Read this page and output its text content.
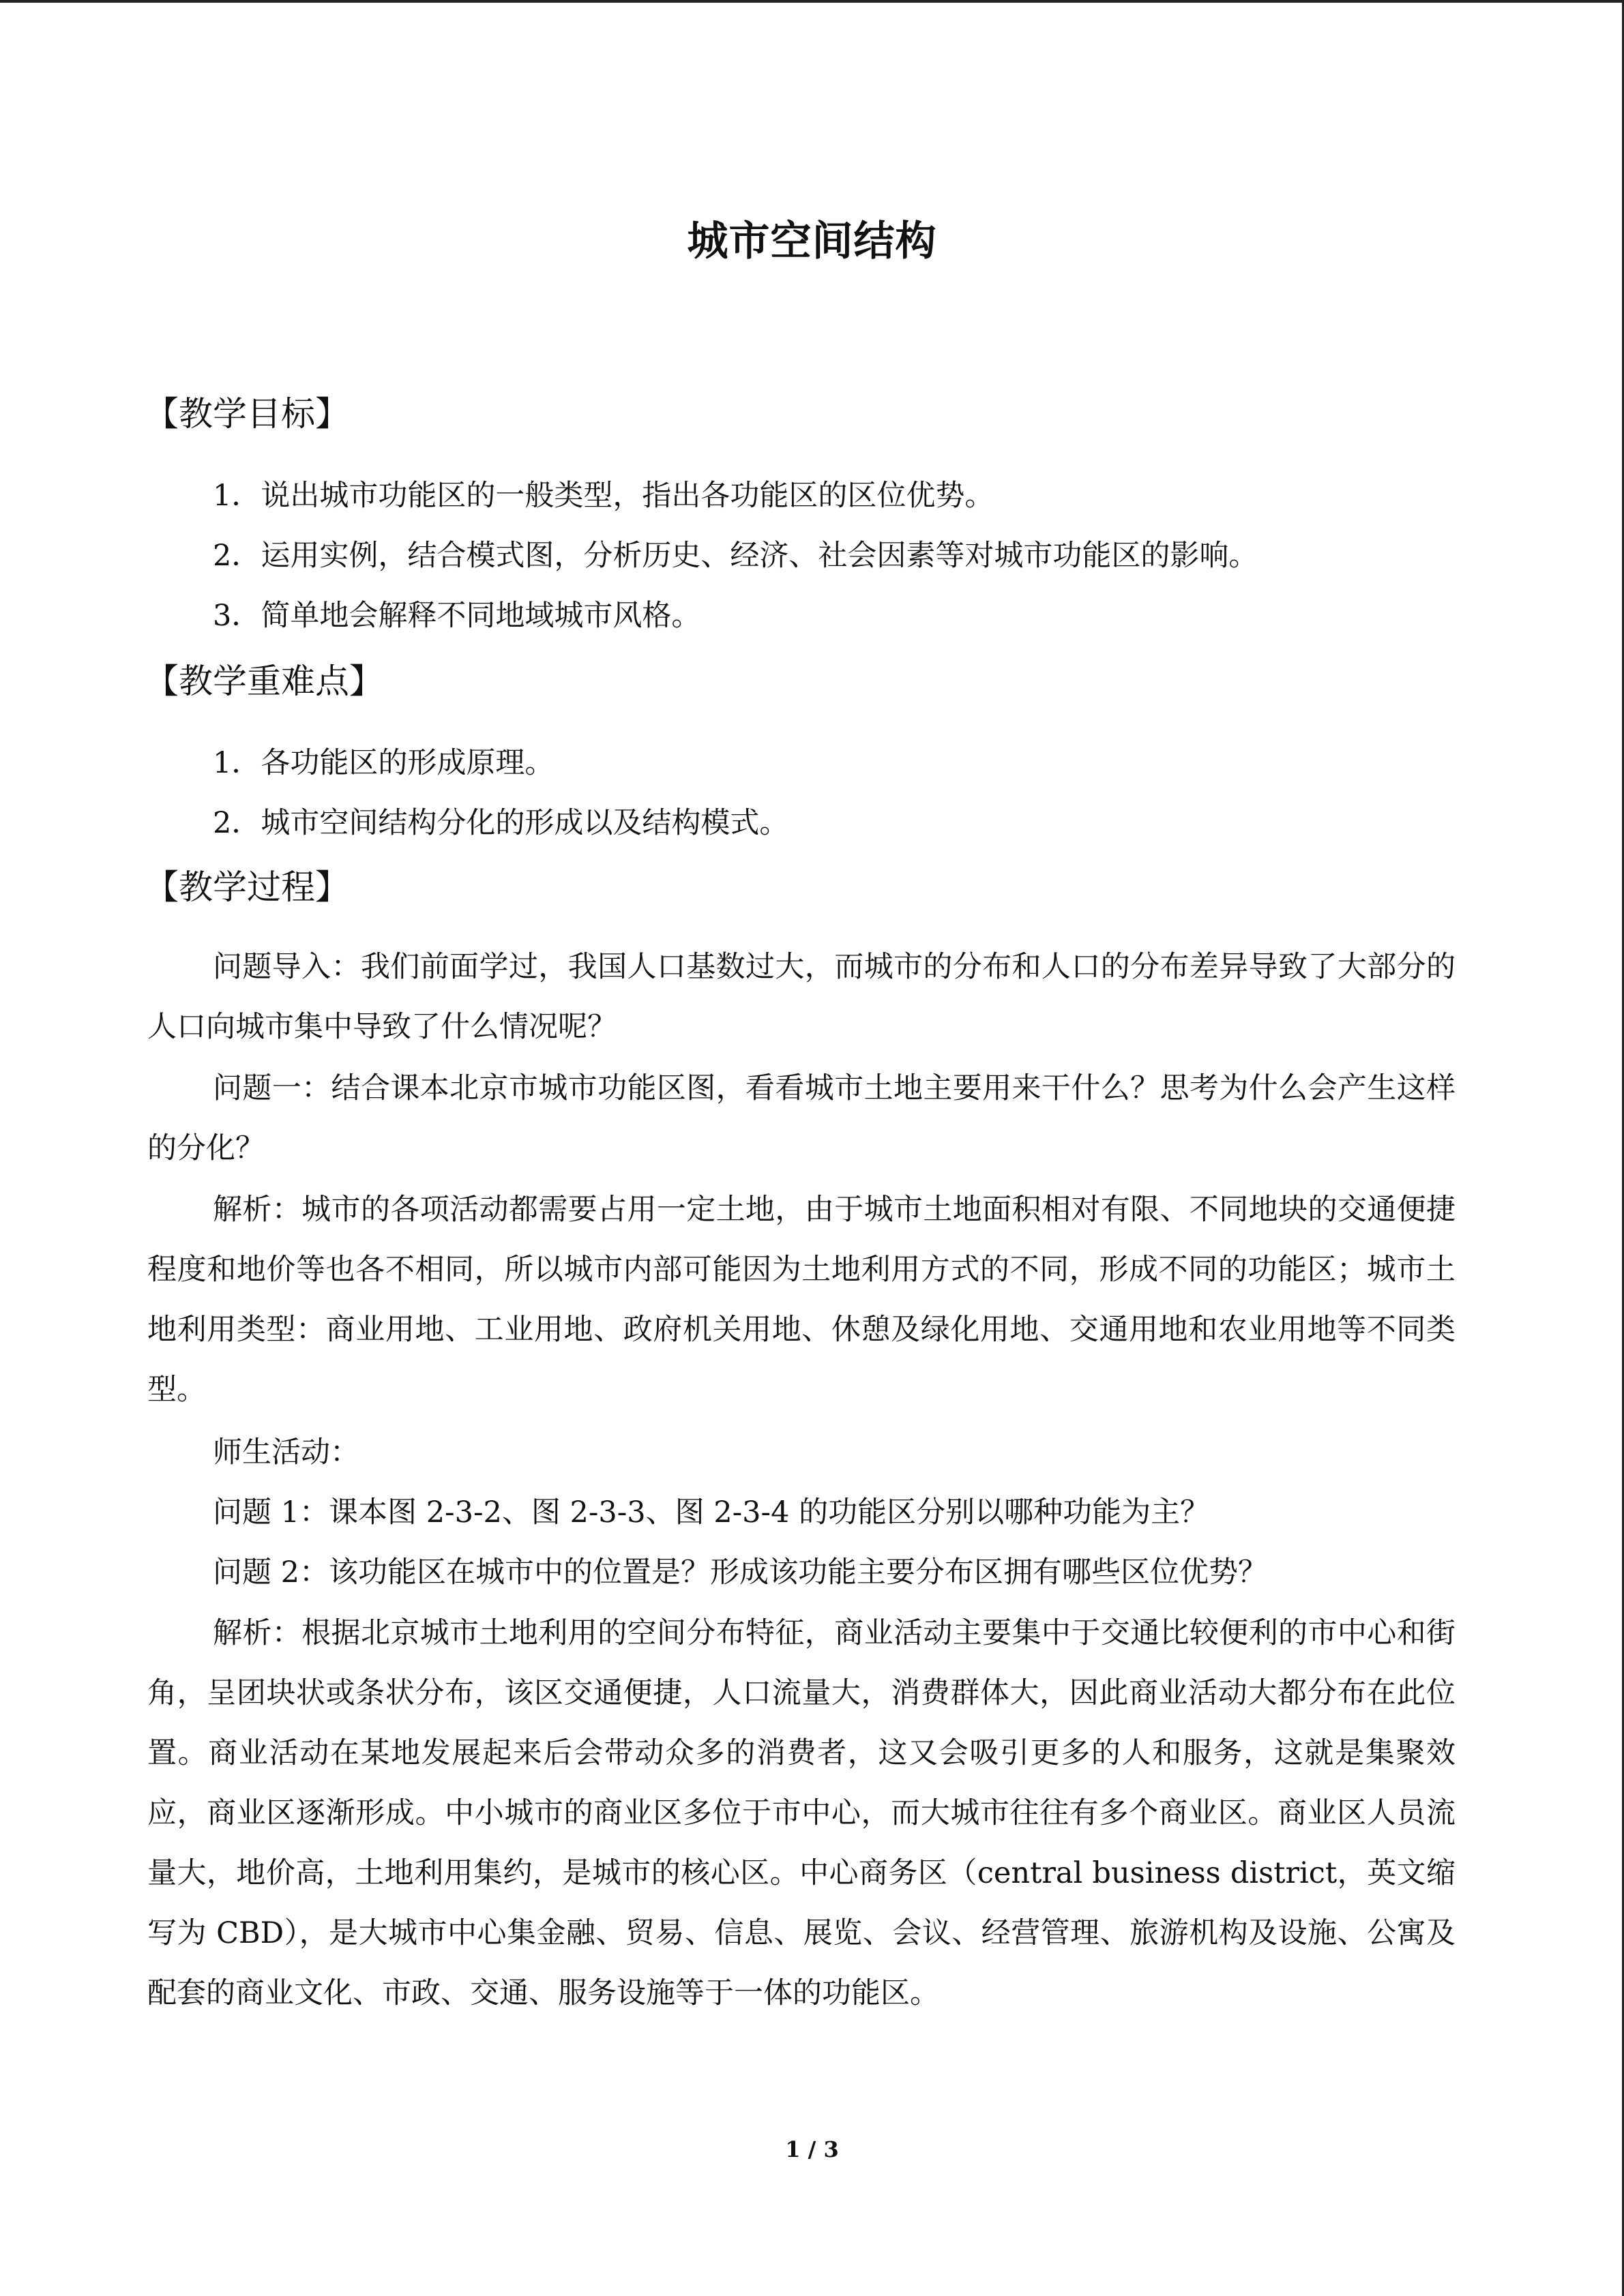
城市空间结构
【教学目标】
1．说出城市功能区的一般类型，指出各功能区的区位优势。
2．运用实例，结合模式图，分析历史、经济、社会因素等对城市功能区的影响。
3．简单地会解释不同地域城市风格。
【教学重难点】
1．各功能区的形成原理。
2．城市空间结构分化的形成以及结构模式。
【教学过程】
问题导入：我们前面学过，我国人口基数过大，而城市的分布和人口的分布差异导致了大部分的人口向城市集中导致了什么情况呢？
问题一：结合课本北京市城市功能区图，看看城市土地主要用来干什么？思考为什么会产生这样的分化？
解析：城市的各项活动都需要占用一定土地，由于城市土地面积相对有限、不同地块的交通便捷程度和地价等也各不相同，所以城市内部可能因为土地利用方式的不同，形成不同的功能区；城市土地利用类型：商业用地、工业用地、政府机关用地、休憩及绿化用地、交通用地和农业用地等不同类型。
师生活动：
问题 1：课本图 2-3-2、图 2-3-3、图 2-3-4 的功能区分别以哪种功能为主？
问题 2：该功能区在城市中的位置是？形成该功能主要分布区拥有哪些区位优势？
解析：根据北京城市土地利用的空间分布特征，商业活动主要集中于交通比较便利的市中心和街角，呈团块状或条状分布，该区交通便捷，人口流量大，消费群体大，因此商业活动大都分布在此位置。商业活动在某地发展起来后会带动众多的消费者，这又会吸引更多的人和服务，这就是集聚效应，商业区逐渐形成。中小城市的商业区多位于市中心，而大城市往往有多个商业区。商业区人员流量大，地价高，土地利用集约，是城市的核心区。中心商务区（central business district，英文缩写为 CBD），是大城市中心集金融、贸易、信息、展览、会议、经营管理、旅游机构及设施、公寓及配套的商业文化、市政、交通、服务设施等于一体的功能区。
1 / 3
